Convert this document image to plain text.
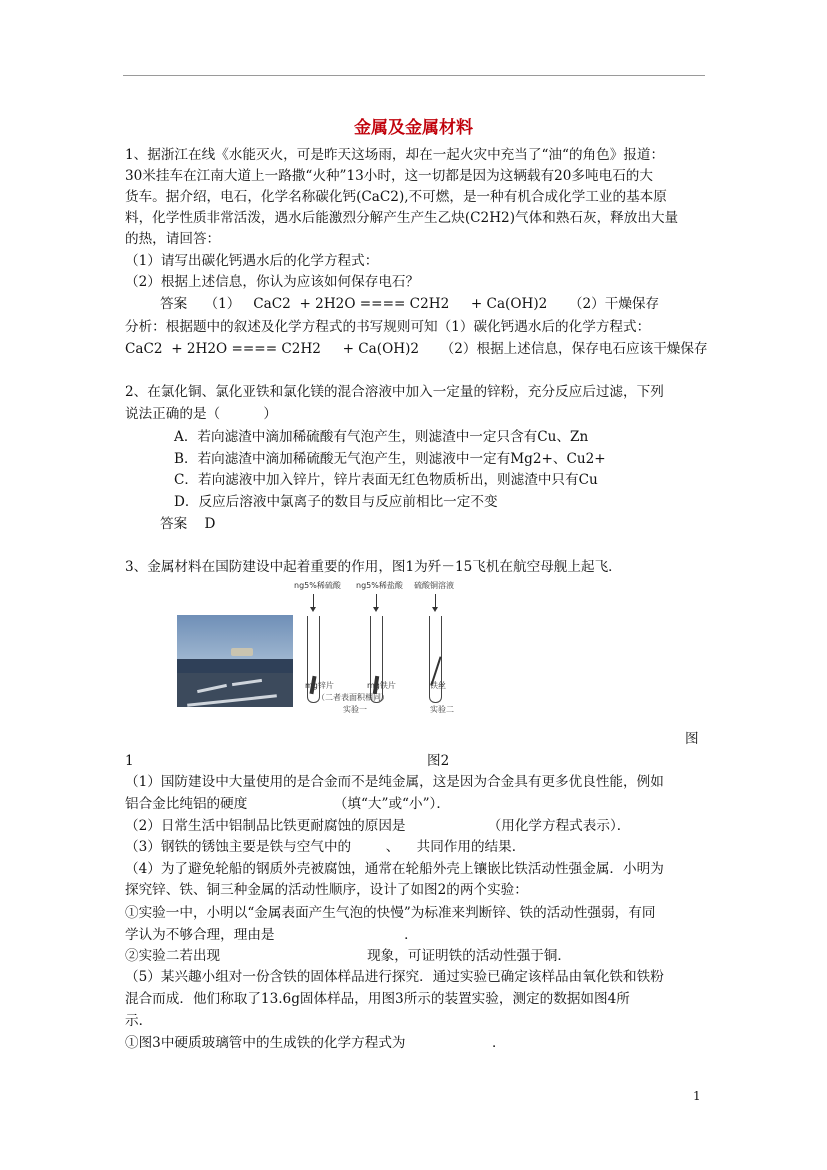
金属及金属材料
1、据浙江在线《水能灭火，可是昨天这场雨，却在一起火灾中充当了“油“的角色》报道：
30米挂车在江南大道上一路撒“火种”13小时，这一切都是因为这辆载有20多吨电石的大
货车。据介绍，电石，化学名称碳化钙(CaC2),不可燃，是一种有机合成化学工业的基本原
料，化学性质非常活泼，遇水后能激烈分解产生产生乙炔(C2H2)气体和熟石灰，释放出大量
的热，请回答：
（1）请写出碳化钙遇水后的化学方程式：
（2）根据上述信息，你认为应该如何保存电石？
答案    （1）   CaC2  + 2H2O ==== C2H2     + Ca(OH)2     （2）干燥保存
分析：根据题中的叙述及化学方程式的书写规则可知（1）碳化钙遇水后的化学方程式：
CaC2  + 2H2O ==== C2H2     + Ca(OH)2     （2）根据上述信息，保存电石应该干燥保存
2、在氯化铜、氯化亚铁和氯化镁的混合溶液中加入一定量的锌粉，充分反应后过滤，下列
说法正确的是（          ）
A．若向滤渣中滴加稀硫酸有气泡产生，则滤渣中一定只含有Cu、Zn
B．若向滤渣中滴加稀硫酸无气泡产生，则滤液中一定有Mg2+、Cu2+
C．若向滤液中加入锌片，锌片表面无红色物质析出，则滤渣中只有Cu
D．反应后溶液中氯离子的数目与反应前相比一定不变
答案    D
3、金属材料在国防建设中起着重要的作用，图1为歼－15飞机在航空母舰上起飞．
ng5%稀硫酸 ng5%稀盐酸 硫酸铜溶液
mg锌片	mg铁片	铁丝
（二者表面积相同）
实验一	实验二
图
1	图2
（1）国防建设中大量使用的是合金而不是纯金属，这是因为合金具有更多优良性能，例如
铝合金比纯铝的硬度                    （填“大”或“小”）．
（2）日常生活中铝制品比铁更耐腐蚀的原因是                   （用化学方程式表示）．
（3）钢铁的锈蚀主要是铁与空气中的        、    共同作用的结果．
（4）为了避免轮船的钢质外壳被腐蚀，通常在轮船外壳上镶嵌比铁活动性强金属．小明为
探究锌、铁、铜三种金属的活动性顺序，设计了如图2的两个实验：
①实验一中，小明以“金属表面产生气泡的快慢”为标准来判断锌、铁的活动性强弱，有同
学认为不够合理，理由是                              ．
②实验二若出现                                  现象，可证明铁的活动性强于铜．
（5）某兴趣小组对一份含铁的固体样品进行探究．通过实验已确定该样品由氧化铁和铁粉
混合而成．他们称取了13.6g固体样品，用图3所示的装置实验，测定的数据如图4所
示．
①图3中硬质玻璃管中的生成铁的化学方程式为                    ．
1
